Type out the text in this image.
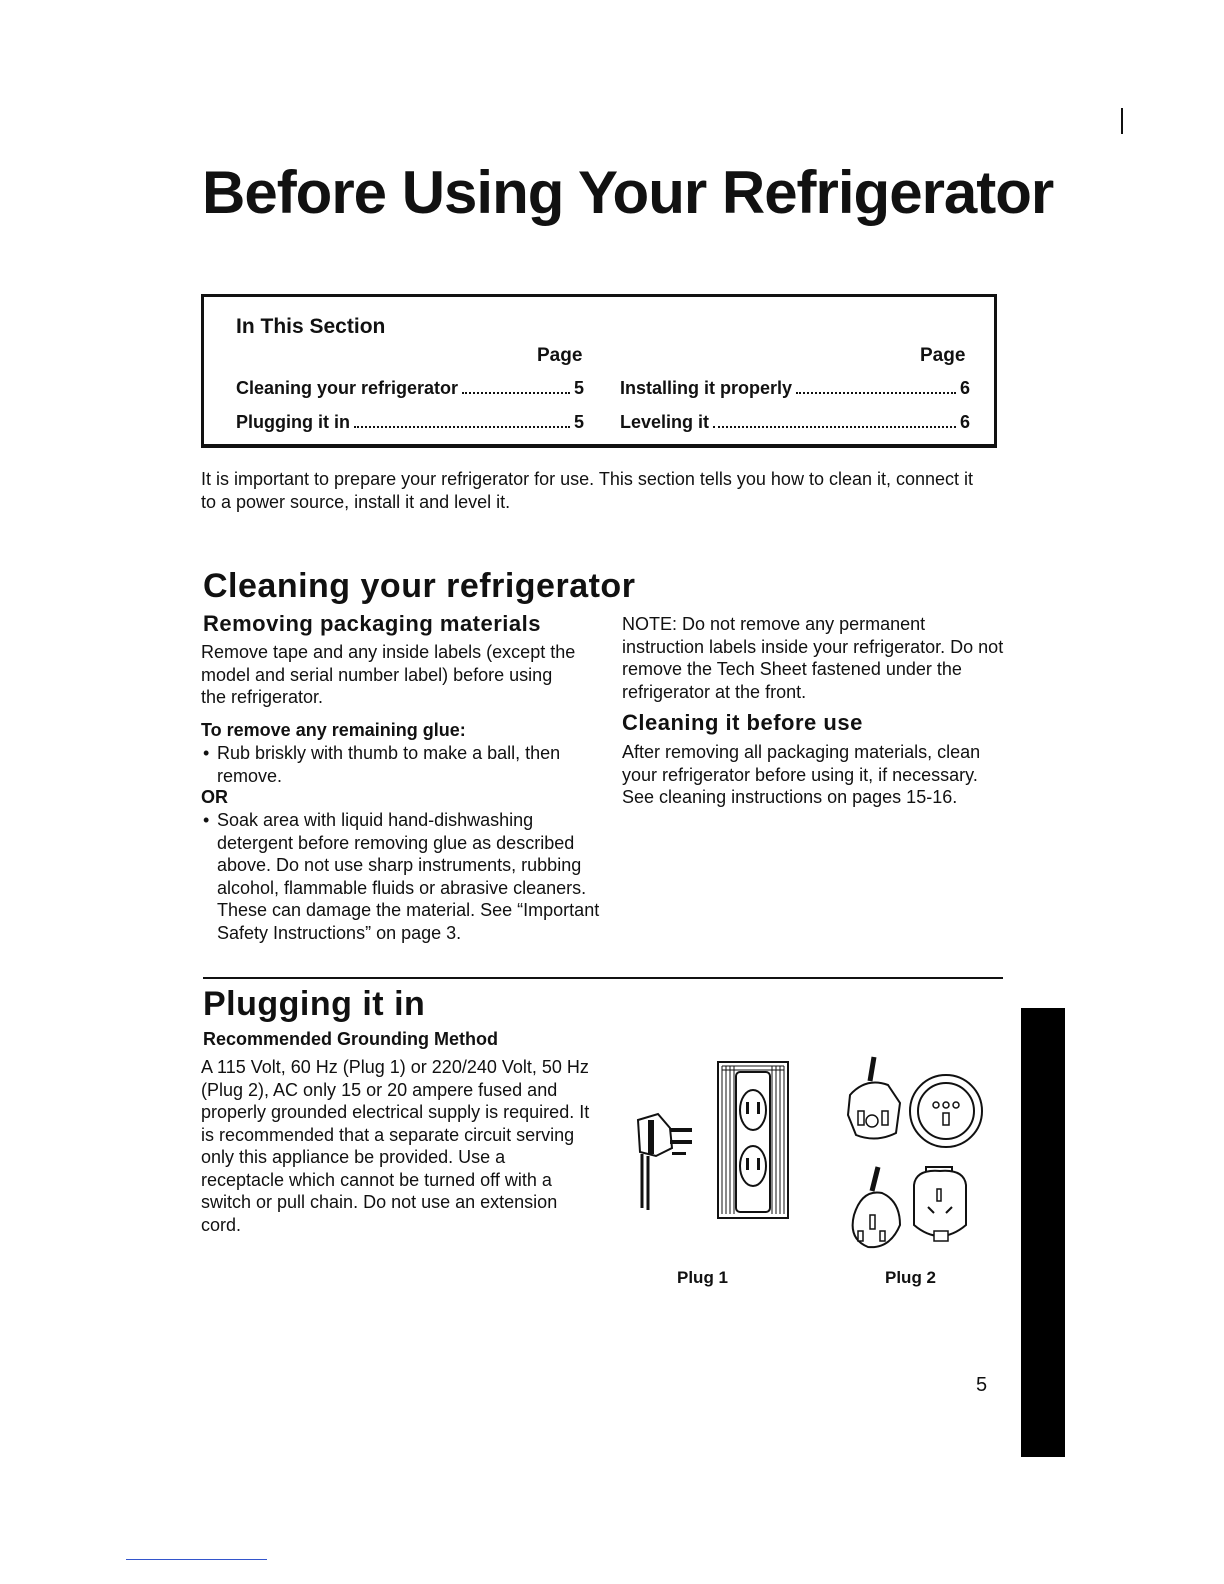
Before Using Your Refrigerator
In This Section
Page	Page
Cleaning your refrigerator	5
Plugging it in	5
Installing it properly	6
Leveling it	6
It is important to prepare your refrigerator for use. This section tells you how to clean it, connect it to a power source, install it and level it.
Cleaning your refrigerator
Removing packaging materials
Remove tape and any inside labels (except the model and serial number label) before using the refrigerator.
To remove any remaining glue:
• Rub briskly with thumb to make a ball, then remove.
OR
• Soak area with liquid hand-dishwashing detergent before removing glue as described above. Do not use sharp instruments, rubbing alcohol, flammable fluids or abrasive cleaners. These can damage the material. See “Important Safety Instructions” on page 3.
NOTE: Do not remove any permanent instruction labels inside your refrigerator. Do not remove the Tech Sheet fastened under the refrigerator at the front.
Cleaning it before use
After removing all packaging materials, clean your refrigerator before using it, if necessary. See cleaning instructions on pages 15-16.
Plugging it in
Recommended Grounding Method
A 115 Volt, 60 Hz (Plug 1) or 220/240 Volt, 50 Hz (Plug 2), AC only 15 or 20 ampere fused and properly grounded electrical supply is required. It is recommended that a separate circuit serving only this appliance be provided. Use a receptacle which cannot be turned off with a switch or pull chain. Do not use an extension cord.
Plug 1	Plug 2
5
